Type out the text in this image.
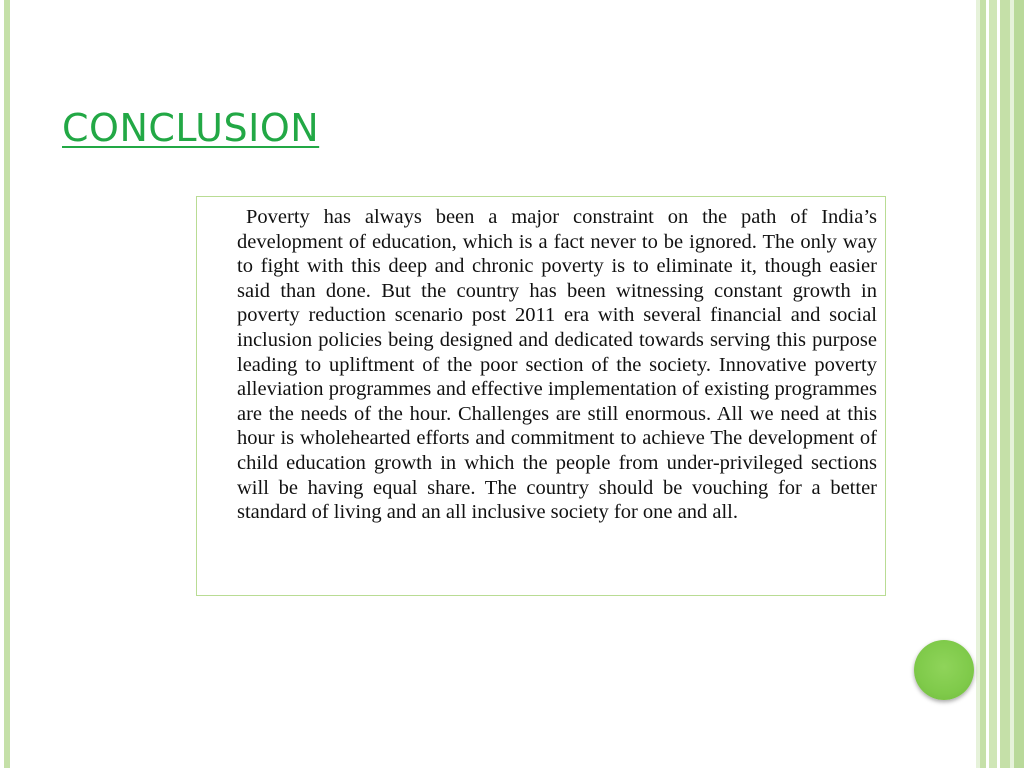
CONCLUSION

Poverty has always been a major constraint on the path of India’s development of education, which is a fact never to be ignored. The only way to fight with this deep and chronic poverty is to eliminate it, though easier said than done. But the country has been witnessing constant growth in poverty reduction scenario post 2011 era with several financial and social inclusion policies being designed and dedicated towards serving this purpose leading to upliftment of the poor section of the society. Innovative poverty alleviation programmes and effective implementation of existing programmes are the needs of the hour. Challenges are still enormous. All we need at this hour is wholehearted efforts and commitment to achieve The development of child education growth in which the people from under-privileged sections will be having equal share. The country should be vouching for a better standard of living and an all inclusive society for one and all.
